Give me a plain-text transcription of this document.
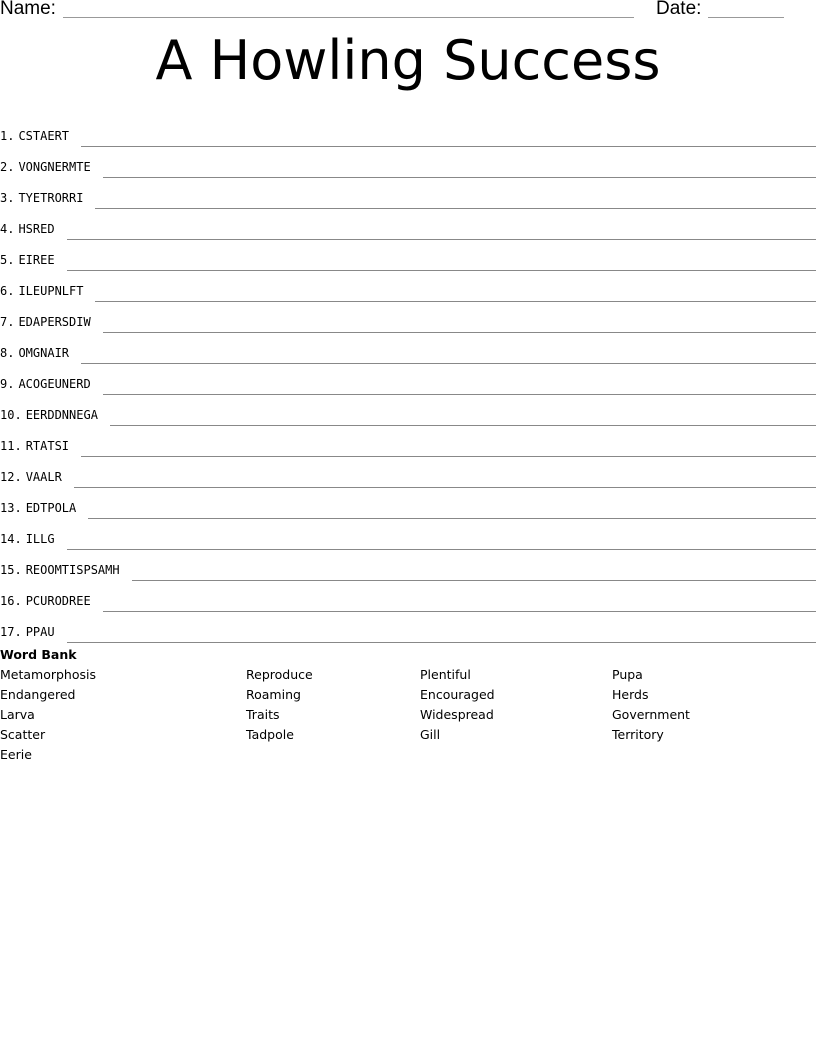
Name:	Date:
A Howling Success
1. CSTAERT
2. VONGNERMTE
3. TYETRORRI
4. HSRED
5. EIREE
6. ILEUPNLFT
7. EDAPERSDIW
8. OMGNAIR
9. ACOGEUNERD
10. EERDDNNEGA
11. RTATSI
12. VAALR
13. EDTPOLA
14. ILLG
15. REOOMTISPSAMH
16. PCURODREE
17. PPAU
Word Bank
Metamorphosis
Endangered
Larva
Scatter
Eerie
Reproduce
Roaming
Traits
Tadpole
Plentiful
Encouraged
Widespread
Gill
Pupa
Herds
Government
Territory
